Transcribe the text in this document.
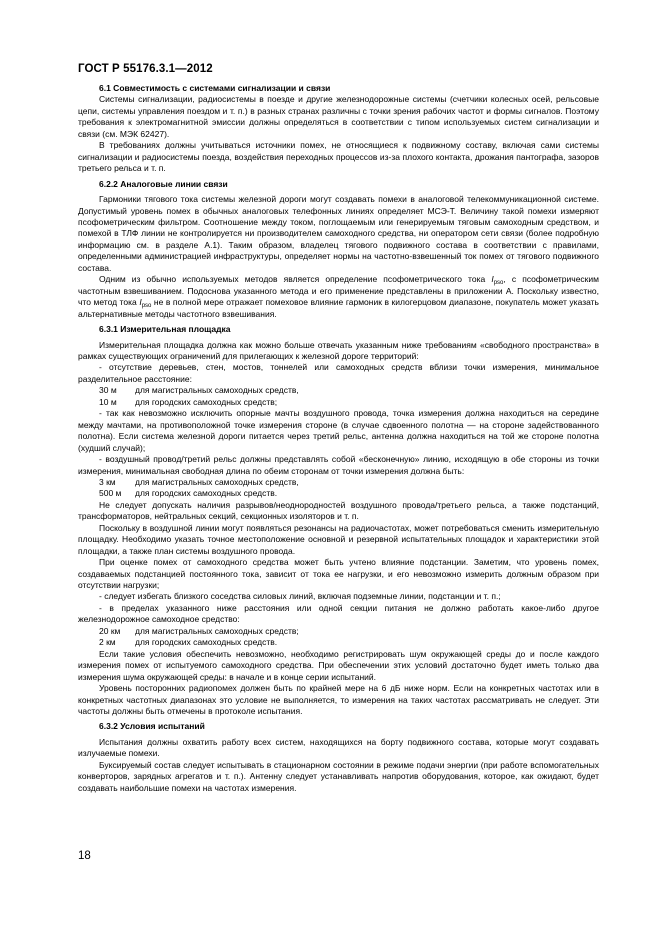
ГОСТ Р 55176.3.1—2012
6.1 Совместимость с системами сигнализации и связи

Системы сигнализации, радиосистемы в поезде и другие железнодорожные системы (счетчики колесных осей, рельсовые цепи, системы управления поездом и т. п.) в разных странах различны с точки зрения рабочих частот и формы сигналов. Поэтому требования к электромагнитной эмиссии должны определяться в соответствии с типом используемых систем сигнализации и связи (см. МЭК 62427).

В требованиях должны учитываться источники помех, не относящиеся к подвижному составу, включая сами системы сигнализации и радиосистемы поезда, воздействия переходных процессов из-за плохого контакта, дрожания пантографа, зазоров третьего рельса и т. п.

6.2.2 Аналоговые линии связи

Гармоники тягового тока системы железной дороги могут создавать помехи в аналоговой телекоммуникационной системе. Допустимый уровень помех в обычных аналоговых телефонных линиях определяет МСЭ-Т. Величину такой помехи измеряют псофометрическим фильтром. Соотношение между током, поглощаемым или генерируемым тяговым самоходным средством, и помехой в ТЛФ линии не контролируется ни производителем самоходного средства, ни оператором сети связи (более подробную информацию см. в разделе А.1). Таким образом, владелец тягового подвижного состава в соответствии с правилами, определенными администрацией инфраструктуры, определяет нормы на частотно-взвешенный ток помех от тягового подвижного состава.

Одним из обычно используемых методов является определение псофометрического тока $I_{pso}$, с псофометрическим частотным взвешиванием. Подоснова указанного метода и его применение представлены в приложении А. Поскольку известно, что метод тока $I_{pso}$ не в полной мере отражает помеховое влияние гармоник в килогерцовом диапазоне, покупатель может указать альтернативные методы частотного взвешивания.

6.3.1 Измерительная площадка

Измерительная площадка должна как можно больше отвечать указанным ниже требованиям «свободного пространства» в рамках существующих ограничений для прилегающих к железной дороге территорий:

- отсутствие деревьев, стен, мостов, тоннелей или самоходных средств вблизи точки измерения, минимальное разделительное расстояние:

30 м	для магистральных самоходных средств,
10 м	для городских самоходных средств;

- так как невозможно исключить опорные мачты воздушного провода, точка измерения должна находиться на середине между мачтами, на противоположной точке измерения стороне (в случае сдвоенного полотна — на стороне задействованного полотна). Если система железной дороги питается через третий рельс, антенна должна находиться на той же стороне полотна (худший случай);

- воздушный провод/третий рельс должны представлять собой «бесконечную» линию, исходящую в обе стороны из точки измерения, минимальная свободная длина по обеим сторонам от точки измерения должна быть:

3 км	для магистральных самоходных средств,
500 м	для городских самоходных средств.

Не следует допускать наличия разрывов/неоднородностей воздушного провода/третьего рельса, а также подстанций, трансформаторов, нейтральных секций, секционных изоляторов и т. п.

Поскольку в воздушной линии могут появляться резонансы на радиочастотах, может потребоваться сменить измерительную площадку. Необходимо указать точное местоположение основной и резервной испытательных площадок и характеристики этой площадки, а также план системы воздушного провода.

При оценке помех от самоходного средства может быть учтено влияние подстанции. Заметим, что уровень помех, создаваемых подстанцией постоянного тока, зависит от тока ее нагрузки, и его невозможно измерить должным образом при отсутствии нагрузки;

- следует избегать близкого соседства силовых линий, включая подземные линии, подстанции и т. п.;

- в пределах указанного ниже расстояния или одной секции питания не должно работать какое-либо другое железнодорожное самоходное средство:

20 км	для магистральных самоходных средств;
2 км	для городских самоходных средств.

Если такие условия обеспечить невозможно, необходимо регистрировать шум окружающей среды до и после каждого измерения помех от испытуемого самоходного средства. При обеспечении этих условий достаточно будет иметь только два измерения шума окружающей среды: в начале и в конце серии испытаний.

Уровень посторонних радиопомех должен быть по крайней мере на 6 дБ ниже норм. Если на конкретных частотах или в конкретных частотных диапазонах это условие не выполняется, то измерения на таких частотах рассматривать не следует. Эти частоты должны быть отмечены в протоколе испытания.

6.3.2 Условия испытаний

Испытания должны охватить работу всех систем, находящихся на борту подвижного состава, которые могут создавать излучаемые помехи.

Буксируемый состав следует испытывать в стационарном состоянии в режиме подачи энергии (при работе вспомогательных конверторов, зарядных агрегатов и т. п.). Антенну следует устанавливать напротив оборудования, которое, как ожидают, будет создавать наибольшие помехи на частотах измерения.

18
